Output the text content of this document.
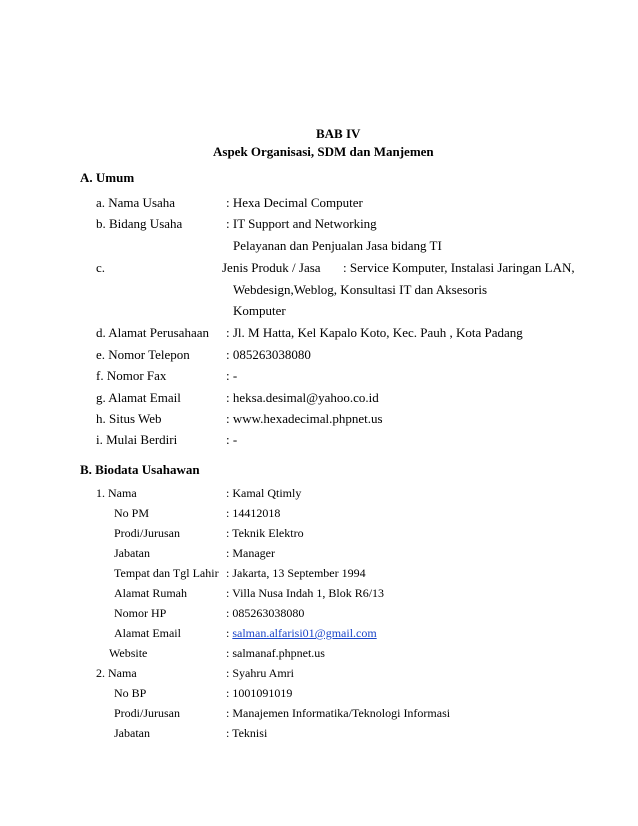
BAB IV
Aspek Organisasi, SDM dan Manjemen
A. Umum
a. Nama Usaha	: Hexa Decimal Computer
b. Bidang Usaha	: IT Support and Networking
Pelayanan dan Penjualan Jasa bidang TI
c.	Jenis Produk / Jasa : Service Komputer, Instalasi Jaringan LAN,
Webdesign,Weblog, Konsultasi IT dan Aksesoris
Komputer
d. Alamat Perusahaan : Jl. M Hatta, Kel Kapalo Koto, Kec. Pauh , Kota Padang
e. Nomor Telepon	: 085263038080
f. Nomor Fax	: -
g. Alamat Email	: heksa.desimal@yahoo.co.id
h. Situs Web	: www.hexadecimal.phpnet.us
i. Mulai Berdiri	: -
B. Biodata Usahawan
1. Nama	: Kamal Qtimly
No PM	: 14412018
Prodi/Jurusan	: Teknik Elektro
Jabatan	: Manager
Tempat dan Tgl Lahir : Jakarta, 13 September 1994
Alamat Rumah	: Villa Nusa Indah 1, Blok R6/13
Nomor HP	: 085263038080
Alamat Email	: salman.alfarisi01@gmail.com
Website	: salmanaf.phpnet.us
2. Nama	: Syahru Amri
No BP	: 1001091019
Prodi/Jurusan	: Manajemen Informatika/Teknologi Informasi
Jabatan	: Teknisi
